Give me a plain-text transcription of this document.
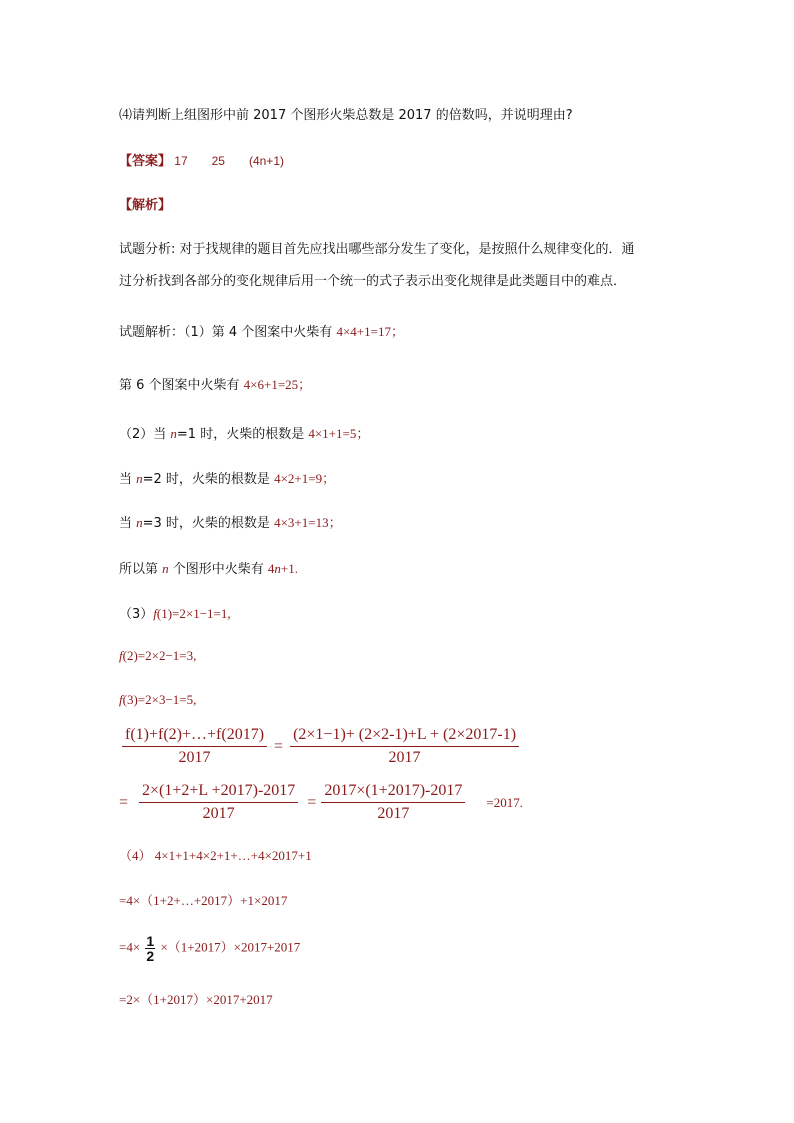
⑷请判断上组图形中前 2017 个图形火柴总数是 2017 的倍数吗，并说明理由?
【答案】 17　　25　　(4n+1)
【解析】
试题分析: 对于找规律的题目首先应找出哪些部分发生了变化，是按照什么规律变化的．通
过分析找到各部分的变化规律后用一个统一的式子表示出变化规律是此类题目中的难点．
试题解析：（1）第 4 个图案中火柴有 4×4+1=17；
第 6 个图案中火柴有 4×6+1=25；
（2）当 n=1 时，火柴的根数是 4×1+1=5；
当 n=2 时，火柴的根数是 4×2+1=9；
当 n=3 时，火柴的根数是 4×3+1=13；
所以第 n 个图形中火柴有 4n+1.
（3）f(1)=2×1−1=1,
f(2)=2×2−1=3,
f(3)=2×3−1=5,
$\frac{f(1)+f(2)+\dots+f(2017)}{2017} = \frac{(2\times 1-1)+ (2\times 2-1)+L + (2\times 2017-1)}{2017}$
= $\frac{2\times(1+2+L +2017)-2017}{2017} = \frac{2017\times(1+2017)-2017}{2017} =2017$.
（4） 4×1+1+4×2+1+…+4×2017+1
=4×（1+2+…+2017）+1×2017
$=4\times \frac{1}{2} \times(1+2017)\times 2017+2017$
=2×（1+2017）×2017+2017
